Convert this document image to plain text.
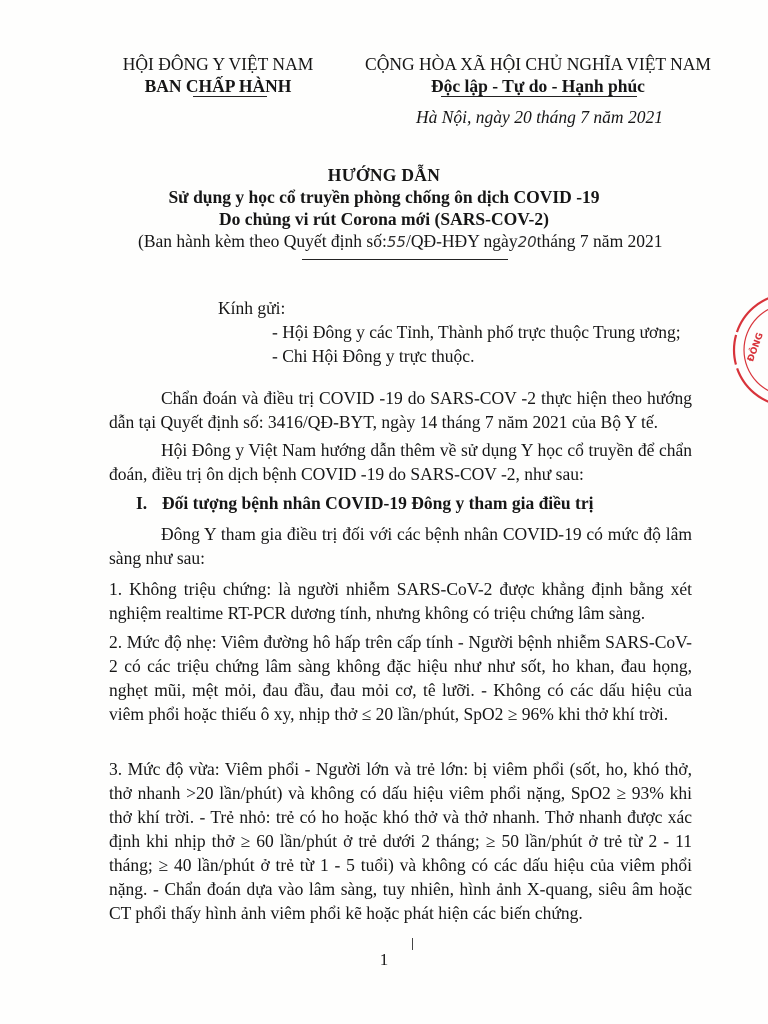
HỘI ĐÔNG Y VIỆT NAM
BAN CHẤP HÀNH
CỘNG HÒA XÃ HỘI CHỦ NGHĨA VIỆT NAM
Độc lập - Tự do - Hạnh phúc
Hà Nội, ngày 20 tháng 7 năm 2021
HƯỚNG DẪN
Sử dụng y học cổ truyền phòng chống ôn dịch COVID -19
Do chủng vi rút Corona mới (SARS-COV-2)
(Ban hành kèm theo Quyết định số:55/QĐ-HĐY ngày20tháng 7 năm 2021
Kính gửi:
- Hội Đông y các Tỉnh, Thành phố trực thuộc Trung ương;
- Chi Hội Đông y trực thuộc.
Chẩn đoán và điều trị COVID -19 do SARS-COV -2 thực hiện theo hướng dẫn tại Quyết định số: 3416/QĐ-BYT, ngày 14 tháng 7 năm 2021 của Bộ Y tế.
Hội Đông y Việt Nam hướng dẫn thêm về sử dụng Y học cổ truyền để chẩn đoán, điều trị ôn dịch bệnh COVID -19 do SARS-COV -2, như sau:
I. Đối tượng bệnh nhân COVID-19 Đông y tham gia điều trị
Đông Y tham gia điều trị đối với các bệnh nhân COVID-19 có mức độ lâm sàng như sau:
1. Không triệu chứng: là người nhiễm SARS-CoV-2 được khẳng định bằng xét nghiệm realtime RT-PCR dương tính, nhưng không có triệu chứng lâm sàng.
2. Mức độ nhẹ: Viêm đường hô hấp trên cấp tính - Người bệnh nhiễm SARS-CoV-2 có các triệu chứng lâm sàng không đặc hiệu như như sốt, ho khan, đau họng, nghẹt mũi, mệt mỏi, đau đầu, đau mỏi cơ, tê lưỡi. - Không có các dấu hiệu của viêm phổi hoặc thiếu ô xy, nhịp thở ≤ 20 lần/phút, SpO2 ≥ 96% khi thở khí trời.
3. Mức độ vừa: Viêm phổi - Người lớn và trẻ lớn: bị viêm phổi (sốt, ho, khó thở, thở nhanh >20 lần/phút) và không có dấu hiệu viêm phổi nặng, SpO2 ≥ 93% khi thở khí trời. - Trẻ nhỏ: trẻ có ho hoặc khó thở và thở nhanh. Thở nhanh được xác định khi nhịp thở ≥ 60 lần/phút ở trẻ dưới 2 tháng; ≥ 50 lần/phút ở trẻ từ 2 - 11 tháng; ≥ 40 lần/phút ở trẻ từ 1 - 5 tuổi) và không có các dấu hiệu của viêm phổi nặng. - Chẩn đoán dựa vào lâm sàng, tuy nhiên, hình ảnh X-quang, siêu âm hoặc CT phổi thấy hình ảnh viêm phổi kẽ hoặc phát hiện các biến chứng.
1
ĐÔNG
